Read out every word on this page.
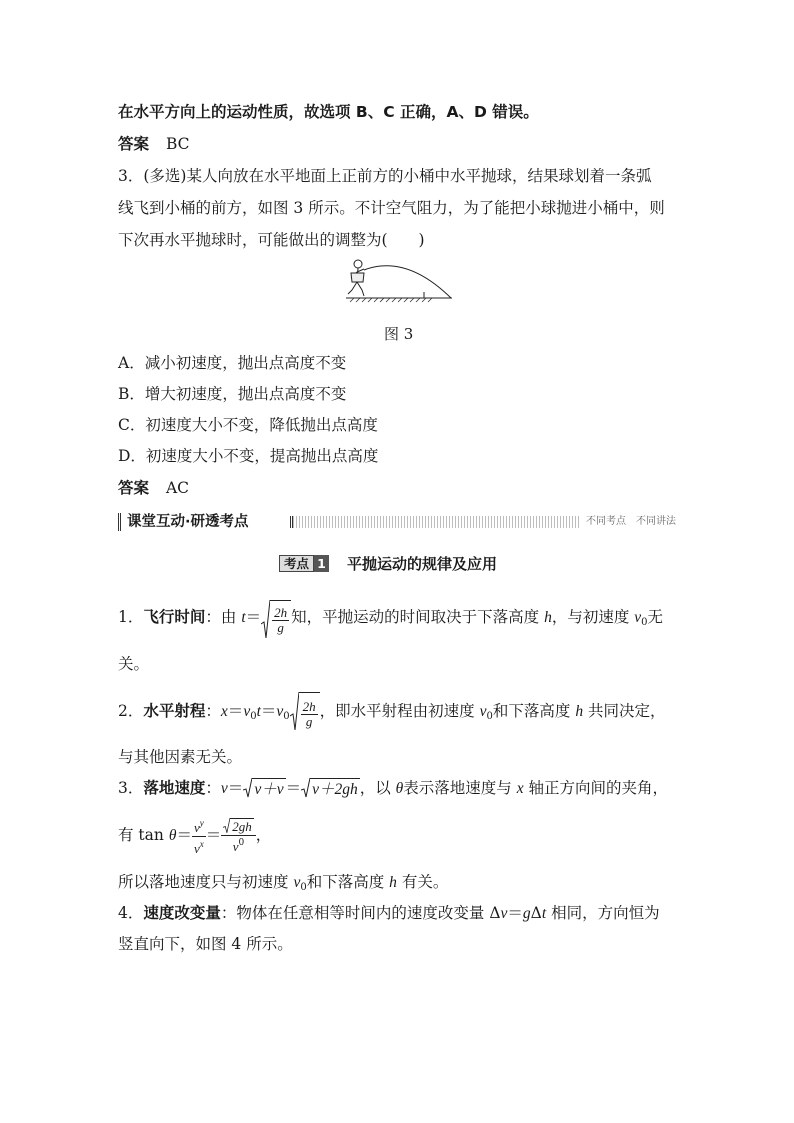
在水平方向上的运动性质，故选项 B、C 正确，A、D 错误。
答案 BC
3．(多选)某人向放在水平地面上正前方的小桶中水平抛球，结果球划着一条弧
线飞到小桶的前方，如图 3 所示。不计空气阻力，为了能把小球抛进小桶中，则
下次再水平抛球时，可能做出的调整为(　　)
图 3
A．减小初速度，抛出点高度不变
B．增大初速度，抛出点高度不变
C．初速度大小不变，降低抛出点高度
D．初速度大小不变，提高抛出点高度
答案 AC
课堂互动·研透考点	不同考点　不同讲法
考点 1 平抛运动的规律及应用
1．飞行时间：由 $t= \frac{2h}{g}$ 知，平抛运动的时间取决于下落高度 h，与初速度 $v_0$无
关。
2．水平射程：$x=v_0t=v_0 \frac{2h}{g}$ ，即水平射程由初速度 $v_0$和下落高度 h 共同决定，
与其他因素无关。
3．落地速度：v＝ v＋v ＝ v＋2gh ，以 θ表示落地速度与 x 轴正方向间的夹角，
有 $\tan \theta= \frac{v^y}{v^x} = \frac{2gh}{v^0}$ ，
所以落地速度只与初速度 $v_0$和下落高度 h 有关。
4．速度改变量：物体在任意相等时间内的速度改变量 Δv＝gΔt 相同，方向恒为
竖直向下，如图 4 所示。
